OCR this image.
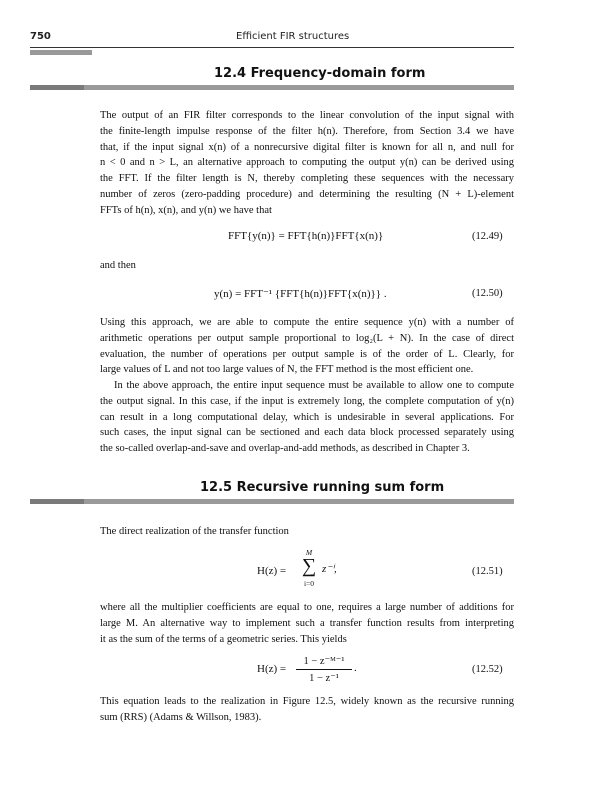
750	Efficient FIR structures
12.4 Frequency-domain form
The output of an FIR filter corresponds to the linear convolution of the input signal with
the finite-length impulse response of the filter h(n). Therefore, from Section 3.4 we have
that, if the input signal x(n) of a nonrecursive digital filter is known for all n, and null for
n < 0 and n > L, an alternative approach to computing the output y(n) can be derived using
the FFT. If the filter length is N, thereby completing these sequences with the necessary
number of zeros (zero-padding procedure) and determining the resulting (N + L)-element
FFTs of h(n), x(n), and y(n) we have that
FFT{y(n)} = FFT{h(n)}FFT{x(n)}	(12.49)
and then
y(n) = FFT⁻¹ {FFT{h(n)}FFT{x(n)}} .	(12.50)
Using this approach, we are able to compute the entire sequence y(n) with a number of
arithmetic operations per output sample proportional to log₂(L + N). In the case of direct
evaluation, the number of operations per output sample is of the order of L. Clearly, for
large values of L and not too large values of N, the FFT method is the most efficient one.
In the above approach, the entire input sequence must be available to allow one to compute
the output signal. In this case, if the input is extremely long, the complete computation of y(n)
can result in a long computational delay, which is undesirable in several applications. For
such cases, the input signal can be sectioned and each data block processed separately using
the so-called overlap-and-save and overlap-and-add methods, as described in Chapter 3.
12.5 Recursive running sum form
The direct realization of the transfer function
H(z) =
M
∑
i=0
z⁻ⁱ,	(12.51)
where all the multiplier coefficients are equal to one, requires a large number of additions for
large M. An alternative way to implement such a transfer function results from interpreting
it as the sum of the terms of a geometric series. This yields
H(z) =
1 − z⁻ᴹ⁻¹
1 − z⁻¹
.	(12.52)
This equation leads to the realization in Figure 12.5, widely known as the recursive running
sum (RRS) (Adams & Willson, 1983).
